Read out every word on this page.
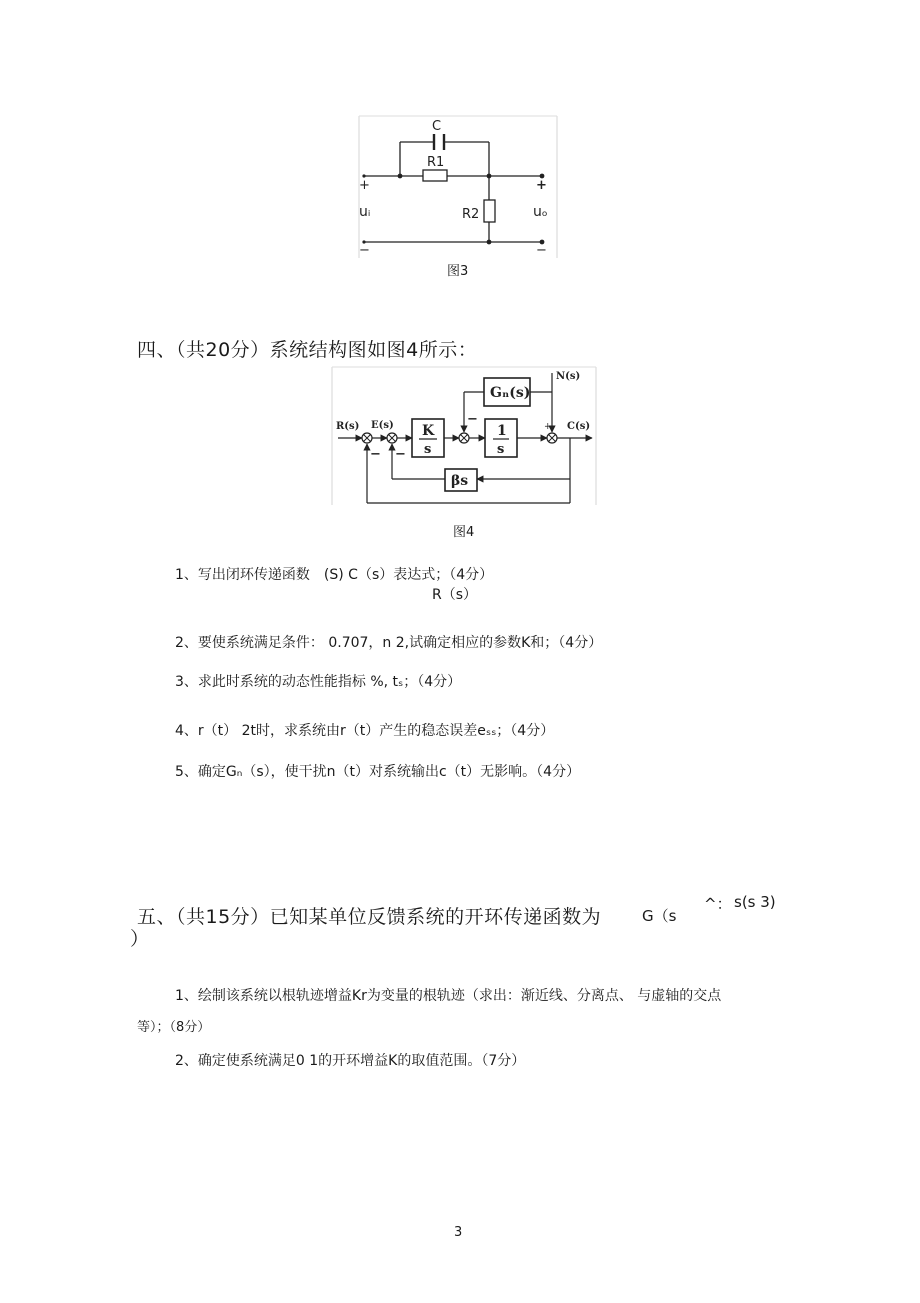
C
R1
R2
uᵢ	uₒ
+	+
−	−
图3
四、（共20分）系统结构图如图4所示：
K
s
1
s
Gₙ(s)
βs
R(s) E(s)
N(s)
C(s)
− −
−	+
图4
1、写出闭环传递函数　(S) C（s）表达式；（4分）
R（s）
2、要使系统满足条件： 0.707，n 2,试确定相应的参数K和；（4分）
3、求此时系统的动态性能指标 %, tₛ；（4分）
4、r（t） 2t时，求系统由r（t）产生的稳态误差eₛₛ；（4分）
5、确定Gₙ（s），使干扰n（t）对系统输出c（t）无影响。（4分）
五、（共15分）已知某单位反馈系统的开环传递函数为	G（s
^： s(s 3)
）
1、绘制该系统以根轨迹增益Kr为变量的根轨迹（求出：渐近线、分离点、 与虚轴的交点
等）；（8分）
2、确定使系统满足0 1的开环增益K的取值范围。（7分）
3
